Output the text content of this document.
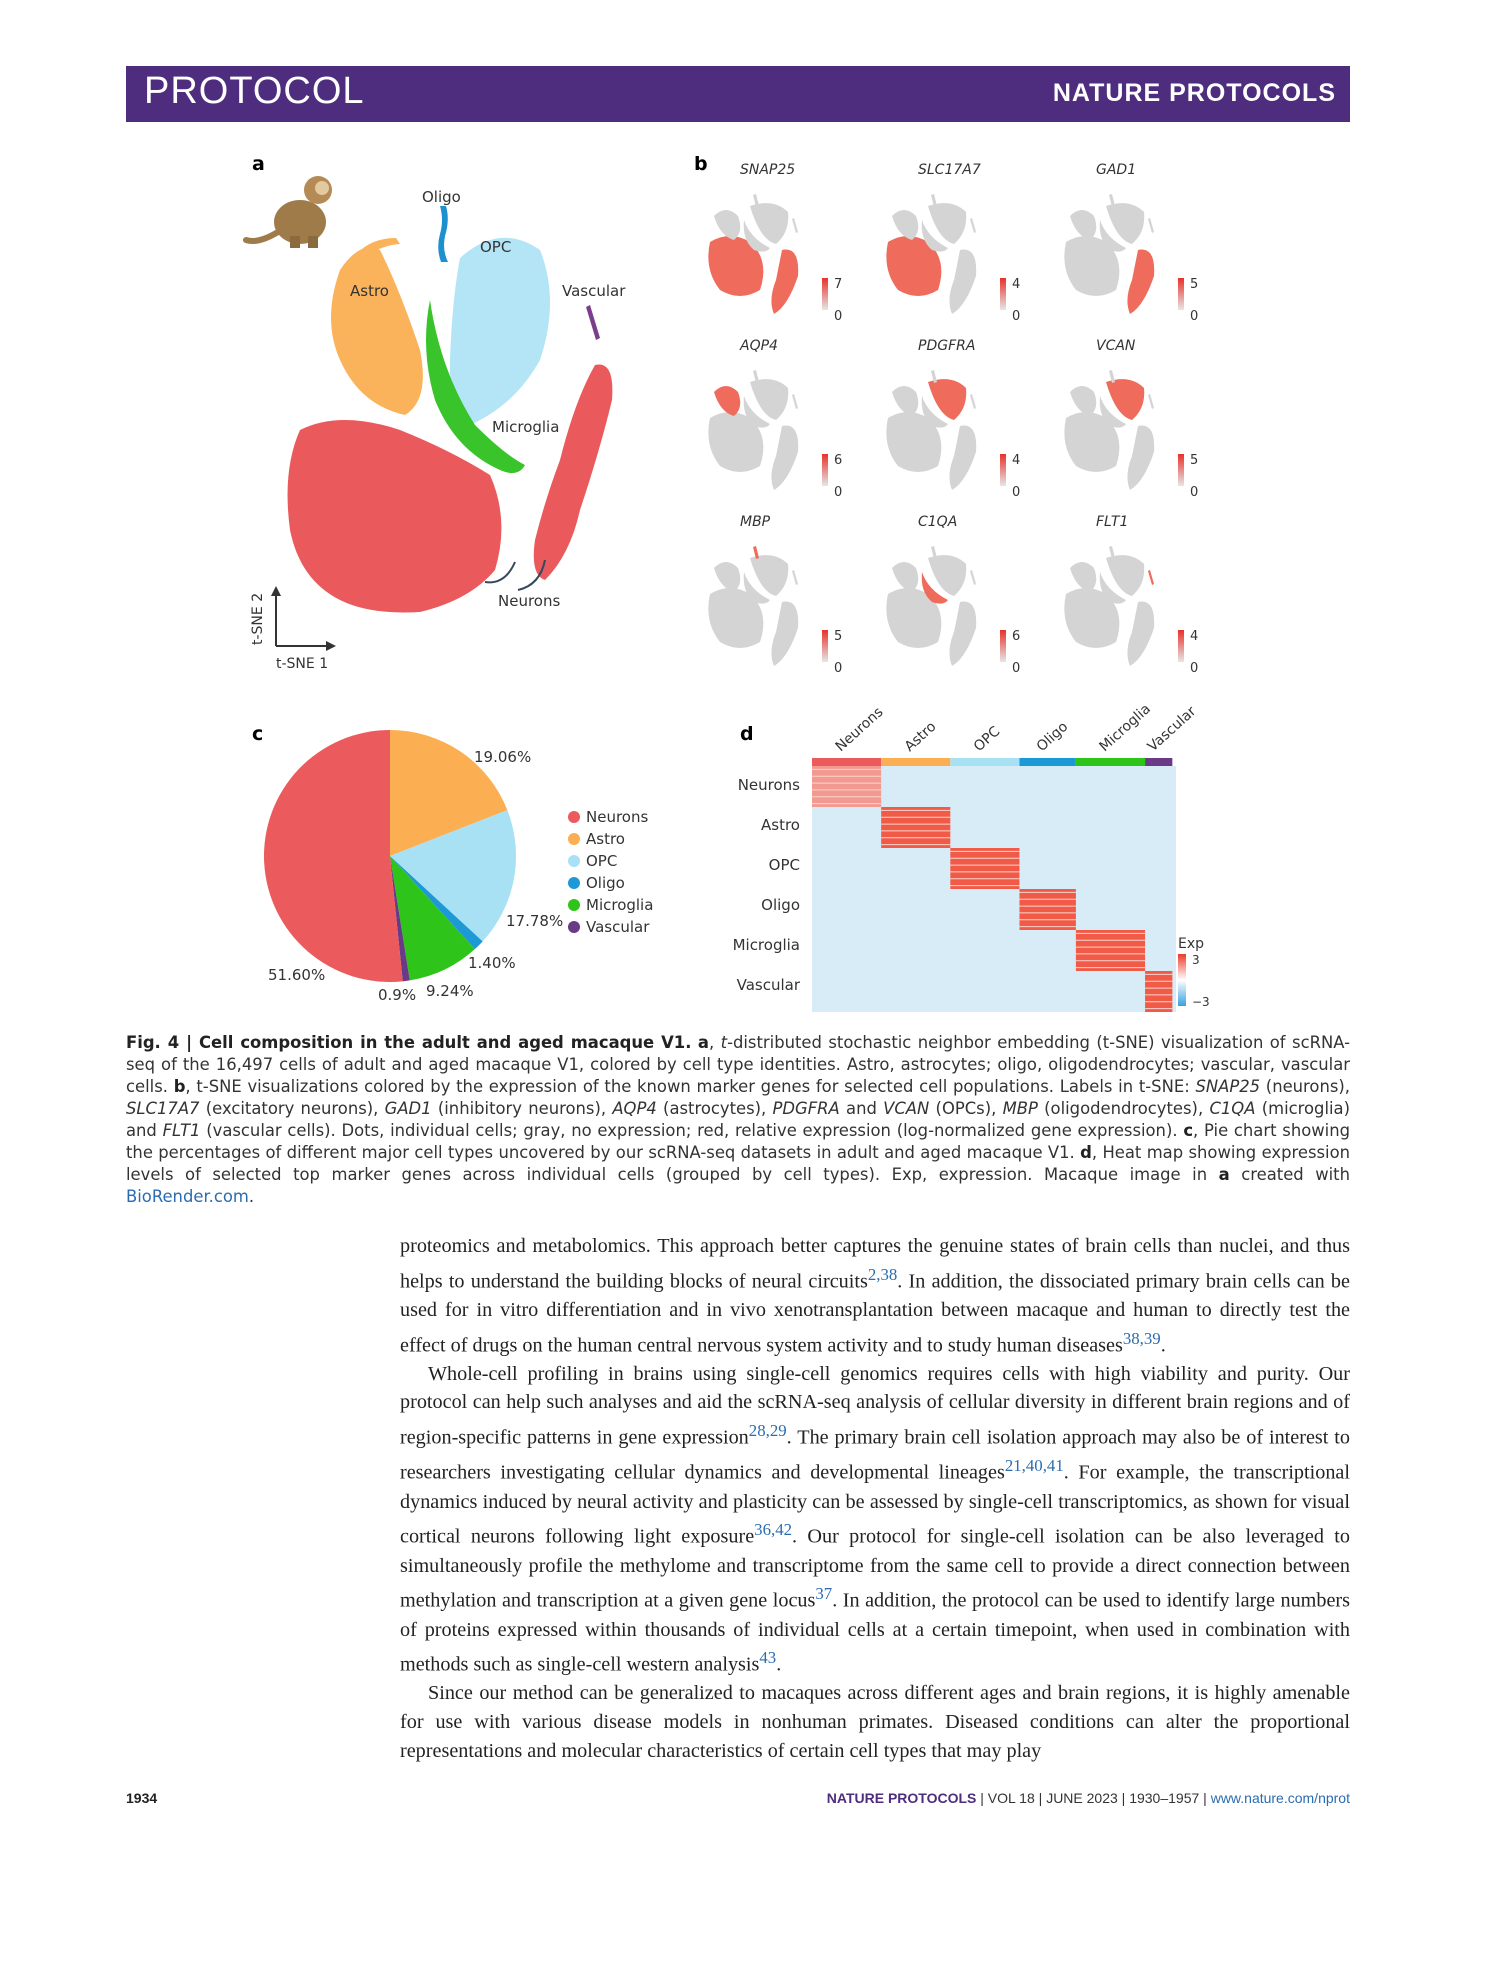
PROTOCOL	NATURE PROTOCOLS
a	b
c	d
Oligo
OPC
Astro	Vascular
Microglia
Neurons
t-SNE 2
t-SNE 1
SNAP25
7
0
SLC17A7
4
0
GAD1
5
0
AQP4
6
0
PDGFRA
4
0
VCAN
5
0
MBP
5
0
C1QA
6
0
FLT1
4
0
19.06%
17.78%
1.40%
9.24%
0.9%
51.60%
Neurons
Astro
OPC
Oligo
Microglia
Vascular
Neurons Astro OPC Oligo Microglia
Vascular
Neurons
Astro
OPC
Oligo
Microglia
Vascular
Exp
3
−3
Fig. 4 | Cell composition in the adult and aged macaque V1. a, t-distributed stochastic neighbor embedding (t-SNE) visualization of scRNA-seq of the 16,497 cells of adult and aged macaque V1, colored by cell type identities. Astro, astrocytes; oligo, oligodendrocytes; vascular, vascular cells. b, t-SNE visualizations colored by the expression of the known marker genes for selected cell populations. Labels in t-SNE: SNAP25 (neurons), SLC17A7 (excitatory neurons), GAD1 (inhibitory neurons), AQP4 (astrocytes), PDGFRA and VCAN (OPCs), MBP (oligodendrocytes), C1QA (microglia) and FLT1 (vascular cells). Dots, individual cells; gray, no expression; red, relative expression (log-normalized gene expression). c, Pie chart showing the percentages of different major cell types uncovered by our scRNA-seq datasets in adult and aged macaque V1. d, Heat map showing expression levels of selected top marker genes across individual cells (grouped by cell types). Exp, expression. Macaque image in a created with BioRender.com.

proteomics and metabolomics. This approach better captures the genuine states of brain cells than nuclei, and thus helps to understand the building blocks of neural circuits$^{2,38}$. In addition, the dissociated primary brain cells can be used for in vitro differentiation and in vivo xenotransplantation between macaque and human to directly test the effect of drugs on the human central nervous system activity and to study human diseases$^{38,39}$.

Whole-cell profiling in brains using single-cell genomics requires cells with high viability and purity. Our protocol can help such analyses and aid the scRNA-seq analysis of cellular diversity in different brain regions and of region-specific patterns in gene expression$^{28,29}$. The primary brain cell isolation approach may also be of interest to researchers investigating cellular dynamics and developmental lineages$^{21,40,41}$. For example, the transcriptional dynamics induced by neural activity and plasticity can be assessed by single-cell transcriptomics, as shown for visual cortical neurons following light exposure$^{36,42}$. Our protocol for single-cell isolation can be also leveraged to simultaneously profile the methylome and transcriptome from the same cell to provide a direct connection between methylation and transcription at a given gene locus$^{37}$. In addition, the protocol can be used to identify large numbers of proteins expressed within thousands of individual cells at a certain timepoint, when used in combination with methods such as single-cell western analysis$^{43}$.

Since our method can be generalized to macaques across different ages and brain regions, it is highly amenable for use with various disease models in nonhuman primates. Diseased conditions can alter the proportional representations and molecular characteristics of certain cell types that may play

1934	NATURE PROTOCOLS | VOL 18 | JUNE 2023 | 1930–1957 | www.nature.com/nprot
